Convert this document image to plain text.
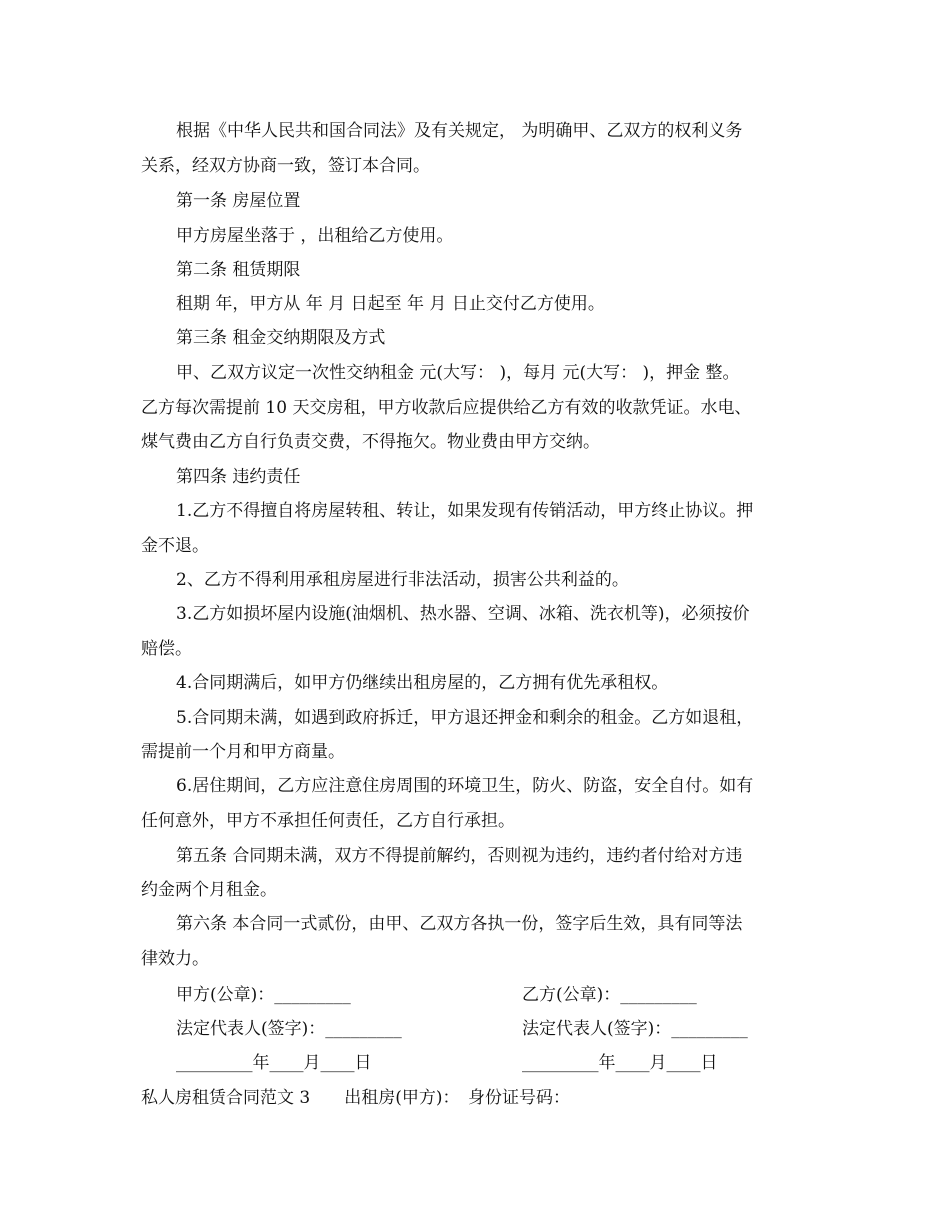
根据《中华人民共和国合同法》及有关规定， 为明确甲、乙双方的权利义务
关系，经双方协商一致，签订本合同。
第一条 房屋位置
甲方房屋坐落于 ，出租给乙方使用。
第二条 租赁期限
租期 年，甲方从 年 月 日起至 年 月 日止交付乙方使用。
第三条 租金交纳期限及方式
甲、乙双方议定一次性交纳租金 元(大写： )，每月 元(大写： )，押金 整。
乙方每次需提前 10 天交房租，甲方收款后应提供给乙方有效的收款凭证。水电、
煤气费由乙方自行负责交费，不得拖欠。物业费由甲方交纳。
第四条 违约责任
1.乙方不得擅自将房屋转租、转让，如果发现有传销活动，甲方终止协议。押
金不退。
2、乙方不得利用承租房屋进行非法活动，损害公共利益的。
3.乙方如损坏屋内设施(油烟机、热水器、空调、冰箱、洗衣机等)，必须按价
赔偿。
4.合同期满后，如甲方仍继续出租房屋的，乙方拥有优先承租权。
5.合同期未满，如遇到政府拆迁，甲方退还押金和剩余的租金。乙方如退租，
需提前一个月和甲方商量。
6.居住期间，乙方应注意住房周围的环境卫生，防火、防盗，安全自付。如有
任何意外，甲方不承担任何责任，乙方自行承担。
第五条 合同期未满，双方不得提前解约，否则视为违约，违约者付给对方违
约金两个月租金。
第六条 本合同一式贰份，由甲、乙双方各执一份，签字后生效，具有同等法
律效力。
甲方(公章)：_________	乙方(公章)：_________
法定代表人(签字)：_________	法定代表人(签字)：_________
_________年____月____日	_________年____月____日
私人房租赁合同范文 3　　出租房(甲方)：　身份证号码：
